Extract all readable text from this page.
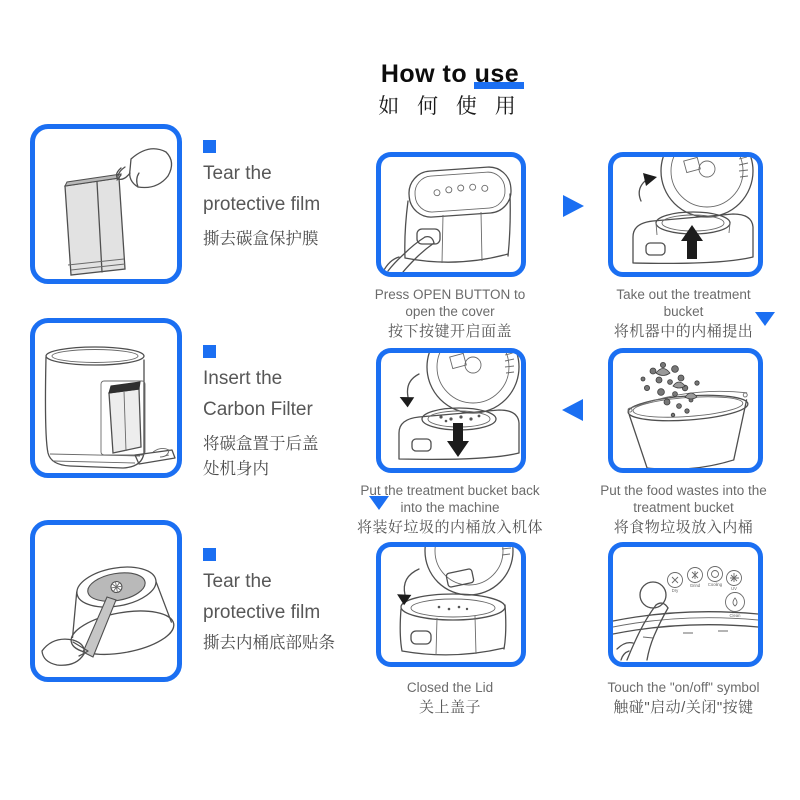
How to use
如 何 使 用
Tear the
protective film
撕去碳盒保护膜
Insert the
Carbon Filter
将碳盒置于后盖
处机身内
Tear the
protective film
撕去内桶底部贴条
Dry
Grind Cooling
UV
Clean
Press OPEN BUTTON to
open the cover
按下按键开启面盖
Take out the treatment bucket
将机器中的内桶提出
Put the treatment bucket back
into the machine
将装好垃圾的内桶放入机体
Put the food wastes into the
treatment bucket
将食物垃圾放入内桶
Closed the Lid
关上盖子
Touch the "on/off" symbol
触碰"启动/关闭"按键
